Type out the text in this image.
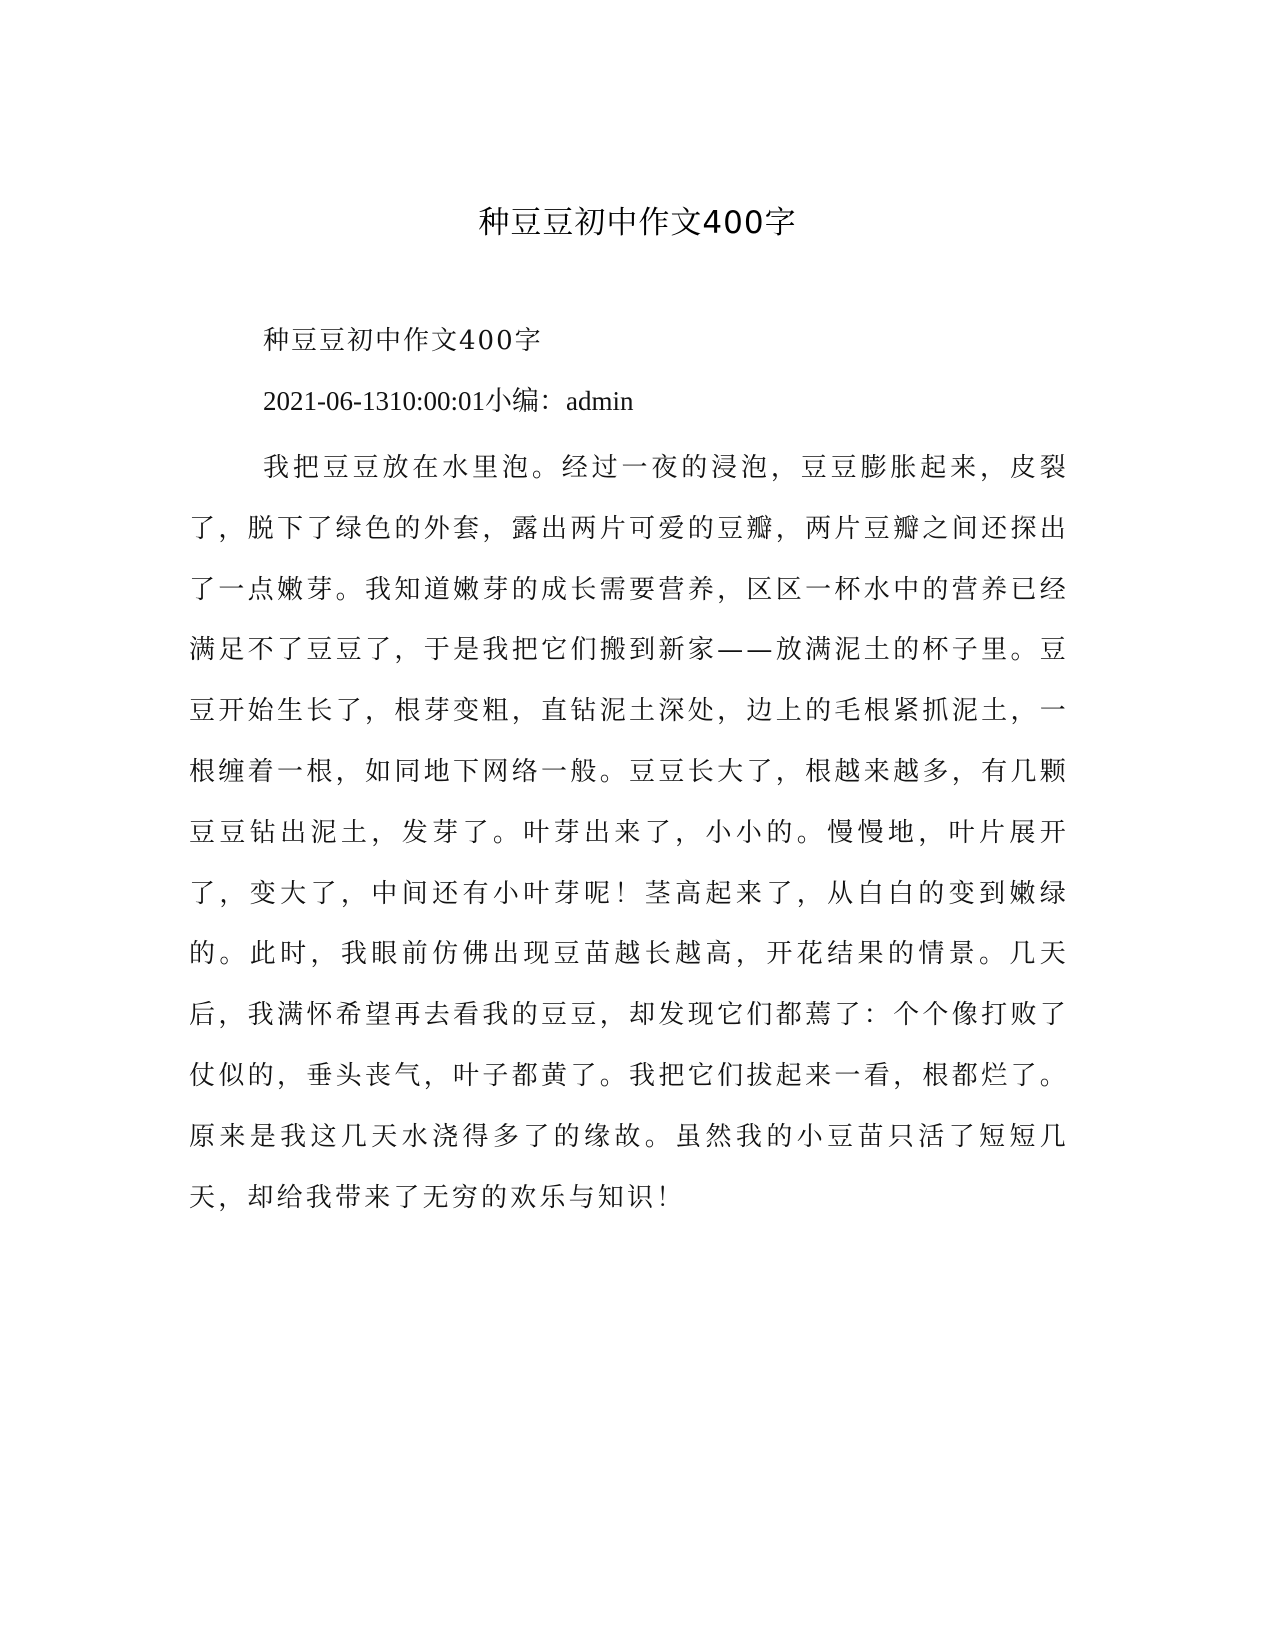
种豆豆初中作文400字

种豆豆初中作文400字

2021-06-1310:00:01小编：admin

我把豆豆放在水里泡。经过一夜的浸泡，豆豆膨胀起来，皮裂了，脱下了绿色的外套，露出两片可爱的豆瓣，两片豆瓣之间还探出了一点嫩芽。我知道嫩芽的成长需要营养，区区一杯水中的营养已经满足不了豆豆了，于是我把它们搬到新家——放满泥土的杯子里。豆豆开始生长了，根芽变粗，直钻泥土深处，边上的毛根紧抓泥土，一根缠着一根，如同地下网络一般。豆豆长大了，根越来越多，有几颗豆豆钻出泥土，发芽了。叶芽出来了，小小的。慢慢地，叶片展开了，变大了，中间还有小叶芽呢！茎高起来了，从白白的变到嫩绿的。此时，我眼前仿佛出现豆苗越长越高，开花结果的情景。几天后，我满怀希望再去看我的豆豆，却发现它们都蔫了：个个像打败了仗似的，垂头丧气，叶子都黄了。我把它们拔起来一看，根都烂了。原来是我这几天水浇得多了的缘故。虽然我的小豆苗只活了短短几天，却给我带来了无穷的欢乐与知识！
